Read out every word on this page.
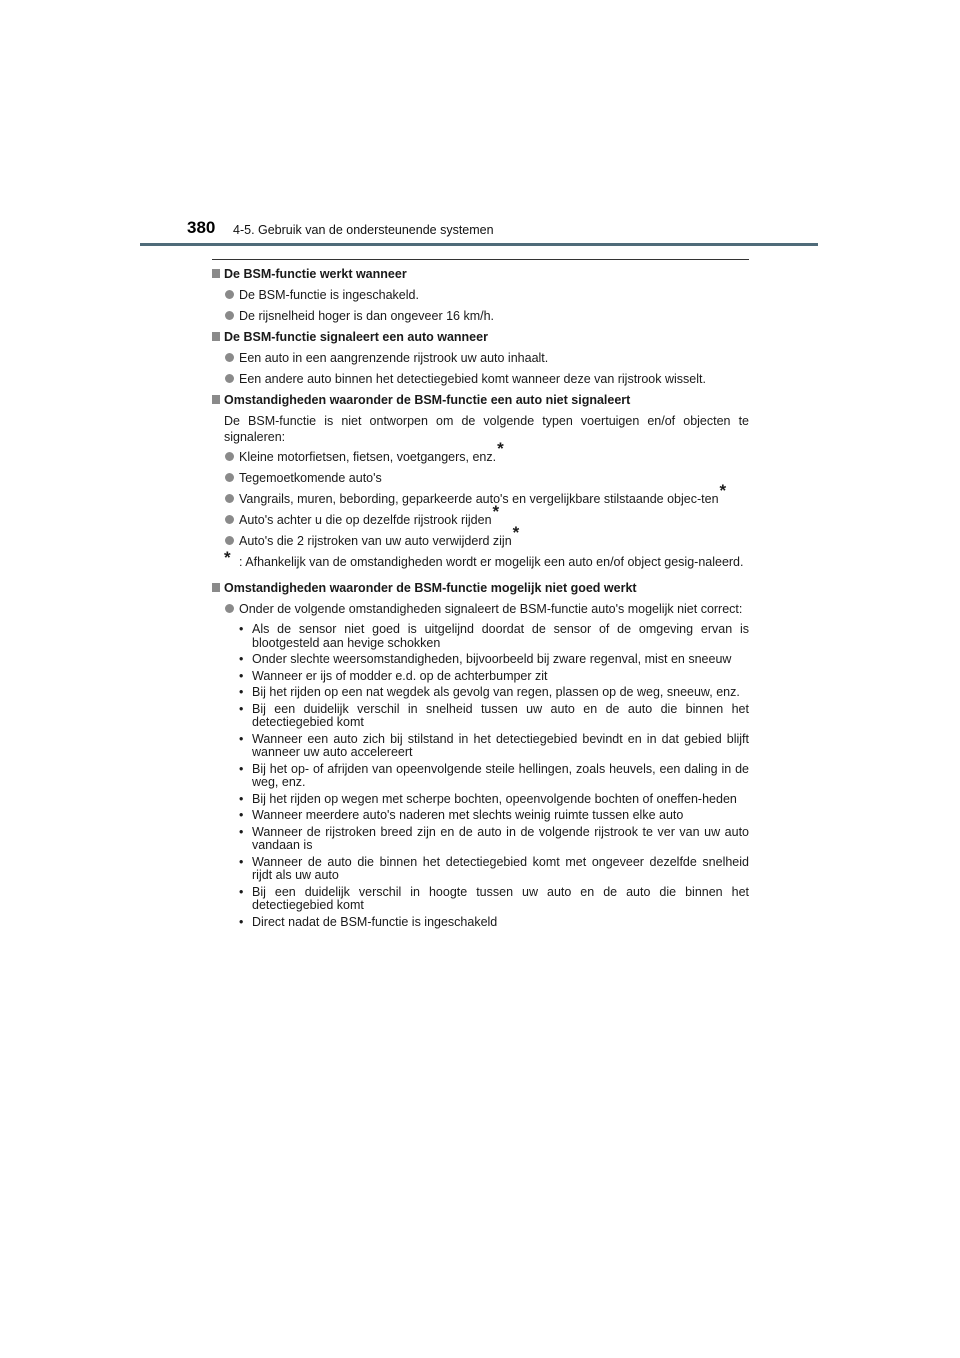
380 4-5. Gebruik van de ondersteunende systemen
De BSM-functie werkt wanneer
De BSM-functie is ingeschakeld.
De rijsnelheid hoger is dan ongeveer 16 km/h.
De BSM-functie signaleert een auto wanneer
Een auto in een aangrenzende rijstrook uw auto inhaalt.
Een andere auto binnen het detectiegebied komt wanneer deze van rijstrook wisselt.
Omstandigheden waaronder de BSM-functie een auto niet signaleert
De BSM-functie is niet ontworpen om de volgende typen voertuigen en/of objecten te signaleren:
Kleine motorfietsen, fietsen, voetgangers, enz.*
Tegemoetkomende auto's
Vangrails, muren, bebording, geparkeerde auto's en vergelijkbare stilstaande objec-ten*
Auto's achter u die op dezelfde rijstrook rijden*
Auto's die 2 rijstroken van uw auto verwijderd zijn*
* : Afhankelijk van de omstandigheden wordt er mogelijk een auto en/of object gesig-naleerd.
Omstandigheden waaronder de BSM-functie mogelijk niet goed werkt
Onder de volgende omstandigheden signaleert de BSM-functie auto's mogelijk niet correct:
• Als de sensor niet goed is uitgelijnd doordat de sensor of de omgeving ervan is blootgesteld aan hevige schokken
• Onder slechte weersomstandigheden, bijvoorbeeld bij zware regenval, mist en sneeuw
• Wanneer er ijs of modder e.d. op de achterbumper zit
• Bij het rijden op een nat wegdek als gevolg van regen, plassen op de weg, sneeuw, enz.
• Bij een duidelijk verschil in snelheid tussen uw auto en de auto die binnen het detectiegebied komt
• Wanneer een auto zich bij stilstand in het detectiegebied bevindt en in dat gebied blijft wanneer uw auto accelereert
• Bij het op- of afrijden van opeenvolgende steile hellingen, zoals heuvels, een daling in de weg, enz.
• Bij het rijden op wegen met scherpe bochten, opeenvolgende bochten of oneffen-heden
• Wanneer meerdere auto's naderen met slechts weinig ruimte tussen elke auto
• Wanneer de rijstroken breed zijn en de auto in de volgende rijstrook te ver van uw auto vandaan is
• Wanneer de auto die binnen het detectiegebied komt met ongeveer dezelfde snelheid rijdt als uw auto
• Bij een duidelijk verschil in hoogte tussen uw auto en de auto die binnen het detectiegebied komt
• Direct nadat de BSM-functie is ingeschakeld
